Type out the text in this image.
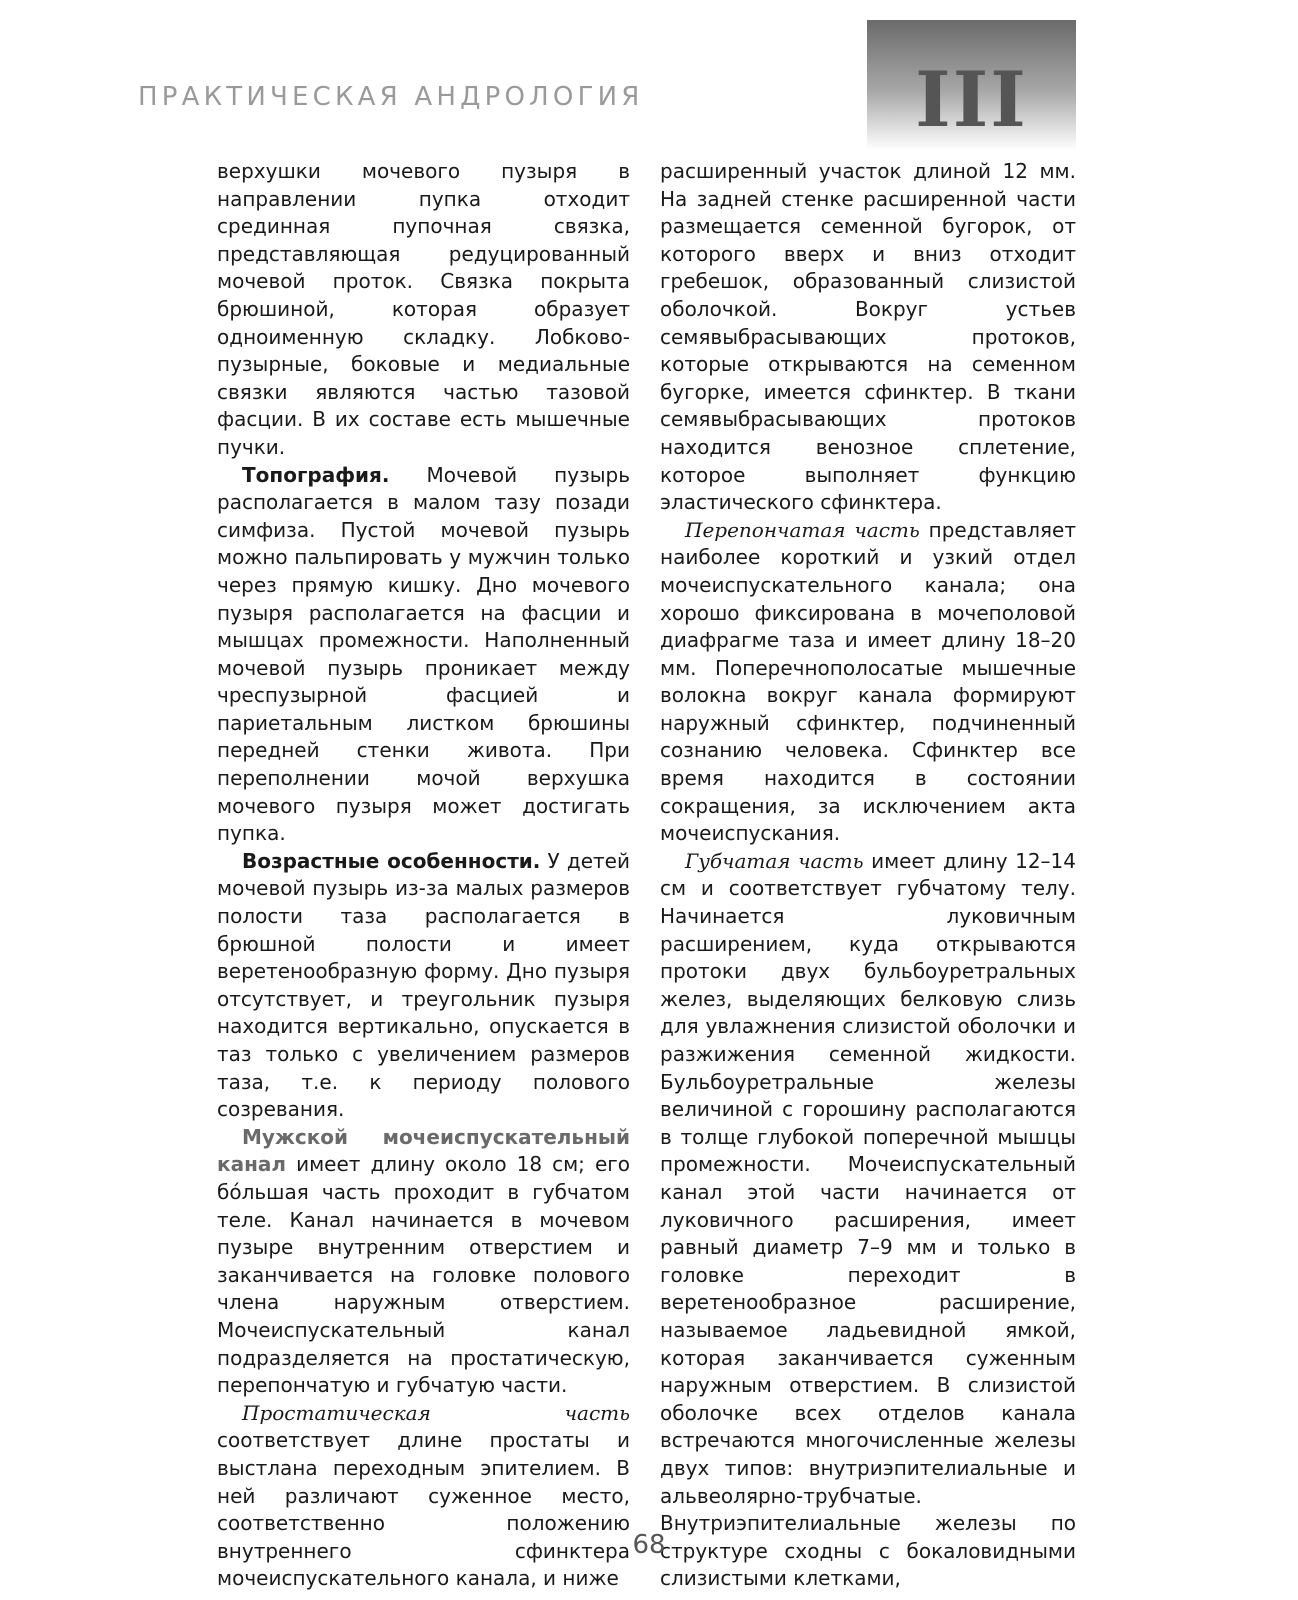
ПРАКТИЧЕСКАЯ АНДРОЛОГИЯ	III

верхушки мочевого пузыря в направлении пупка отходит срединная пупочная связка, представляющая редуцированный мочевой проток. Связка покрыта брюшиной, которая образует одноименную складку. Лобково-пузырные, боковые и медиальные связки являются частью тазовой фасции. В их составе есть мышечные пучки.

Топография. Мочевой пузырь располагается в малом тазу позади симфиза. Пустой мочевой пузырь можно пальпировать у мужчин только через прямую кишку. Дно мочевого пузыря располагается на фасции и мышцах промежности. Наполненный мочевой пузырь проникает между чреспузырной фасцией и париетальным листком брюшины передней стенки живота. При переполнении мочой верхушка мочевого пузыря может достигать пупка.

Возрастные особенности. У детей мочевой пузырь из-за малых размеров полости таза располагается в брюшной полости и имеет веретенообразную форму. Дно пузыря отсутствует, и треугольник пузыря находится вертикально, опускается в таз только с увеличением размеров таза, т.е. к периоду полового созревания.

Мужской мочеиспускательный канал имеет длину около 18 см; его бóльшая часть проходит в губчатом теле. Канал начинается в мочевом пузыре внутренним отверстием и заканчивается на головке полового члена наружным отверстием. Мочеиспускательный канал подразделяется на простатическую, перепончатую и губчатую части.

Простатическая часть соответствует длине простаты и выстлана переходным эпителием. В ней различают суженное место, соответственно положению внутреннего сфинктера мочеиспускательного канала, и ниже

расширенный участок длиной 12 мм. На задней стенке расширенной части размещается семенной бугорок, от которого вверх и вниз отходит гребешок, образованный слизистой оболочкой. Вокруг устьев семявыбрасывающих протоков, которые открываются на семенном бугорке, имеется сфинктер. В ткани семявыбрасывающих протоков находится венозное сплетение, которое выполняет функцию эластического сфинктера.

Перепончатая часть представляет наиболее короткий и узкий отдел мочеиспускательного канала; она хорошо фиксирована в мочеполовой диафрагме таза и имеет длину 18–20 мм. Поперечнополосатые мышечные волокна вокруг канала формируют наружный сфинктер, подчиненный сознанию человека. Сфинктер все время находится в состоянии сокращения, за исключением акта мочеиспускания.

Губчатая часть имеет длину 12–14 см и соответствует губчатому телу. Начинается луковичным расширением, куда открываются протоки двух бульбоуретральных желез, выделяющих белковую слизь для увлажнения слизистой оболочки и разжижения семенной жидкости. Бульбоуретральные железы величиной с горошину располагаются в толще глубокой поперечной мышцы промежности. Мочеиспускательный канал этой части начинается от луковичного расширения, имеет равный диаметр 7–9 мм и только в головке переходит в веретенообразное расширение, называемое ладьевидной ямкой, которая заканчивается суженным наружным отверстием. В слизистой оболочке всех отделов канала встречаются многочисленные железы двух типов: внутриэпителиальные и альвеолярно-трубчатые. Внутриэпителиальные железы по структуре сходны с бокаловидными слизистыми клетками,

68
